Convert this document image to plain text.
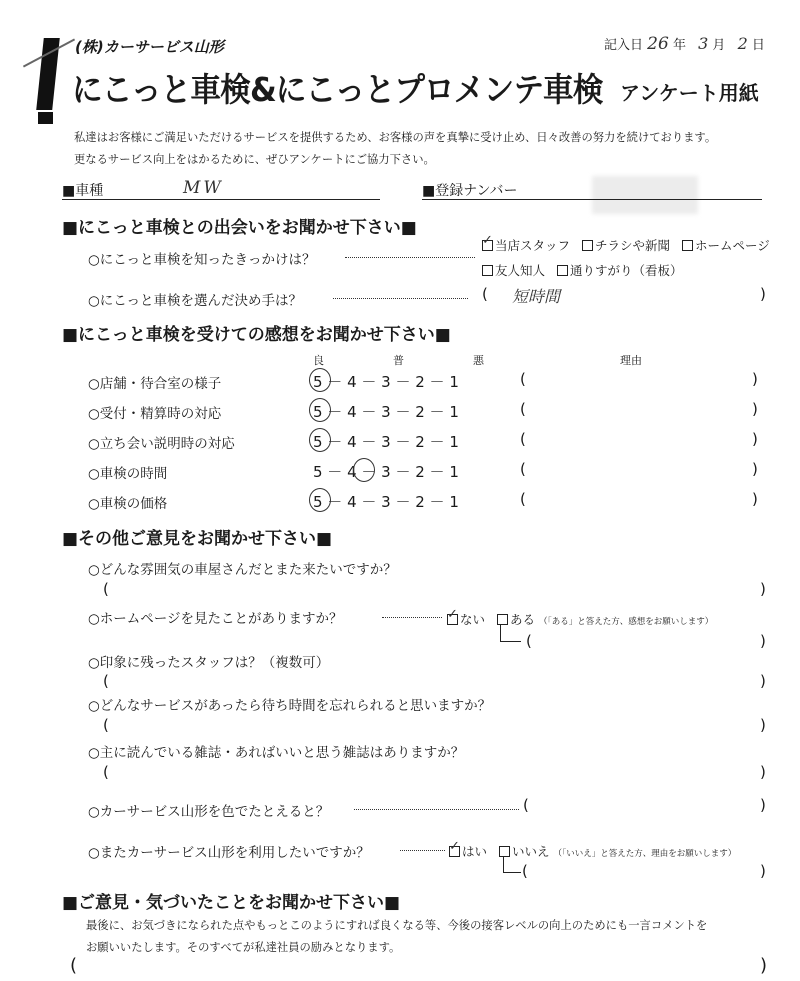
(株)カーサービス山形
にこっと車検&にこっとプロメンテ車検 アンケート用紙
記入日 26 年 3 月 2 日
私達はお客様にご満足いただけるサービスを提供するため、お客様の声を真摯に受け止め、日々改善の努力を続けております。
更なるサービス向上をはかるために、ぜひアンケートにご協力下さい。
■車種	MW	■登録ナンバー
■にこっと車検との出会いをお聞かせ下さい■
○にこっと車検を知ったきっかけは？
✓当店スタッフ チラシや新聞 ホームページ
友人知人 通りすがり（看板）
○にこっと車検を選んだ決め手は？	( 短時間	)
■にこっと車検を受けての感想をお聞かせ下さい■
良	普	悪	理由
○店舗・待合室の様子	5 － 4 － 3 － 2 － 1	(	)
○受付・精算時の対応	5 － 4 － 3 － 2 － 1	(	)
○立ち会い説明時の対応	5 － 4 － 3 － 2 － 1	(	)
○車検の時間	5 － 4 － 3 － 2 － 1	(	)
○車検の価格	5 － 4 － 3 － 2 － 1	(	)
■その他ご意見をお聞かせ下さい■
○どんな雰囲気の車屋さんだとまた来たいですか？
(	)
○ホームページを見たことがありますか？ ✓	ない ある （「ある」と答えた方、感想をお願いします）
(	)
○印象に残ったスタッフは？（複数可）
(	)
○どんなサービスがあったら待ち時間を忘れられると思いますか？
(	)
○主に読んでいる雑誌・あればいいと思う雑誌はありますか？
(	)
○カーサービス山形を色でたとえると？	(	)
○またカーサービス山形を利用したいですか？ ✓	はい いいえ （「いいえ」と答えた方、理由をお願いします）
(	)
■ご意見・気づいたことをお聞かせ下さい■
最後に、お気づきになられた点やもっとこのようにすれば良くなる等、今後の接客レベルの向上のためにも一言コメントを
お願いいたします。そのすべてが私達社員の励みとなります。
(	)
